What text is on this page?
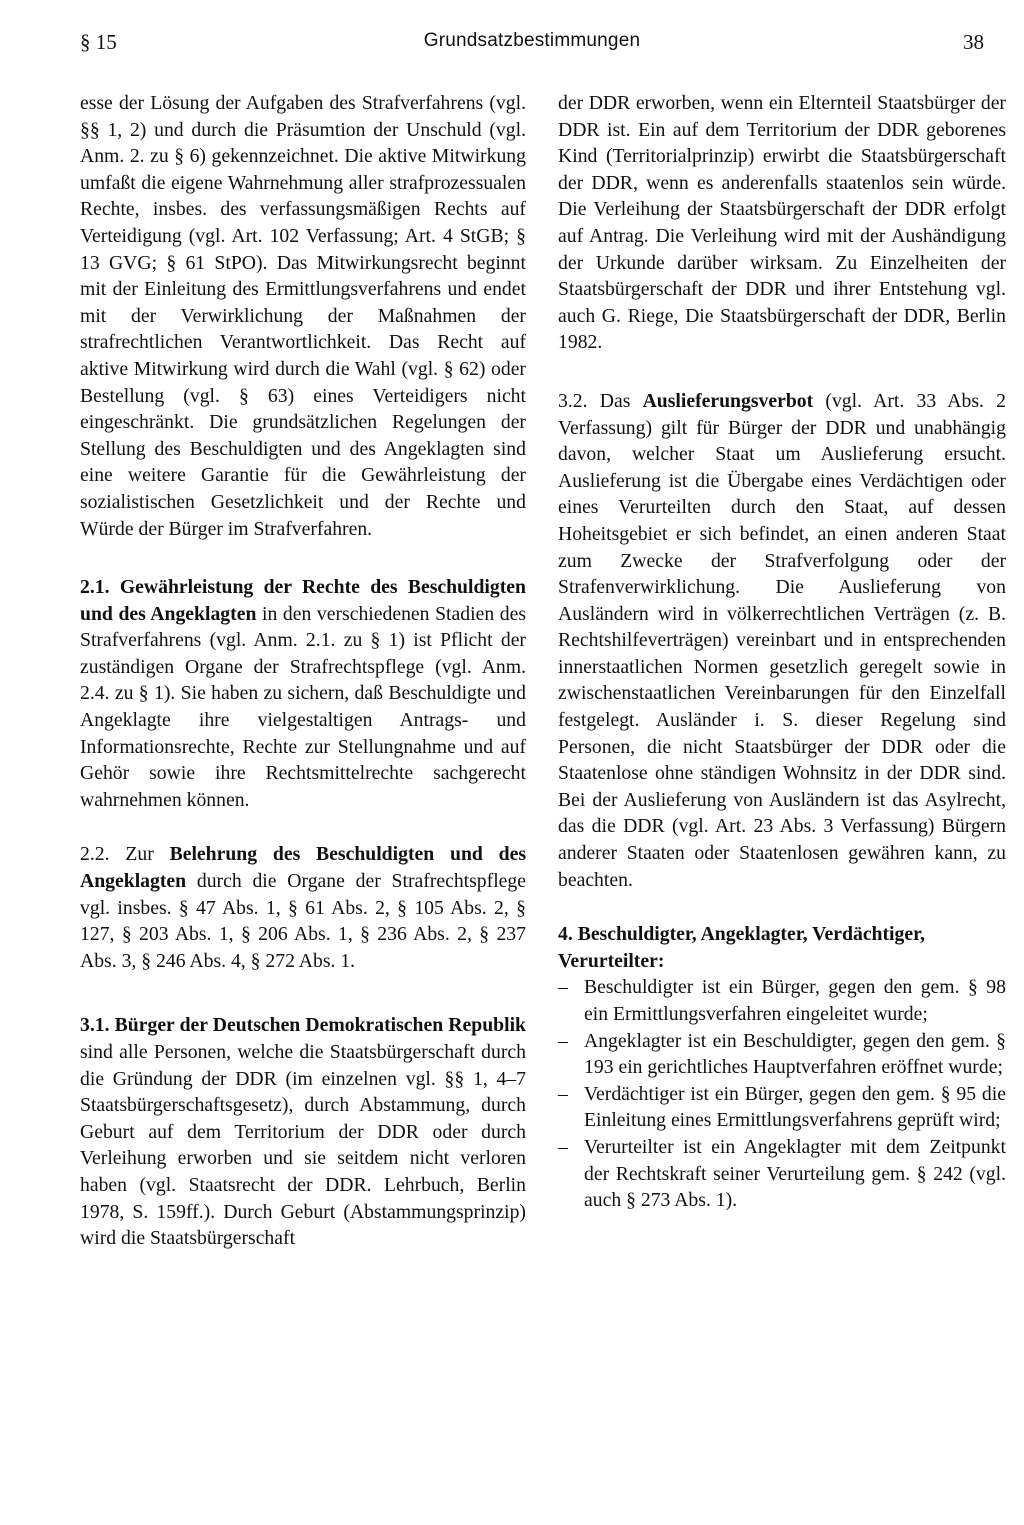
§ 15	Grundsatzbestimmungen	38

esse der Lösung der Aufgaben des Strafverfahrens (vgl. §§ 1, 2) und durch die Präsumtion der Unschuld (vgl. Anm. 2. zu § 6) gekennzeichnet. Die aktive Mitwirkung umfaßt die eigene Wahrnehmung aller strafprozessualen Rechte, insbes. des verfassungsmäßigen Rechts auf Verteidigung (vgl. Art. 102 Verfassung; Art. 4 StGB; § 13 GVG; § 61 StPO). Das Mitwirkungsrecht beginnt mit der Einleitung des Ermittlungsverfahrens und endet mit der Verwirklichung der Maßnahmen der strafrechtlichen Verantwortlichkeit. Das Recht auf aktive Mitwirkung wird durch die Wahl (vgl. § 62) oder Bestellung (vgl. § 63) eines Verteidigers nicht eingeschränkt. Die grundsätzlichen Regelungen der Stellung des Beschuldigten und des Angeklagten sind eine weitere Garantie für die Gewährleistung der sozialistischen Gesetzlichkeit und der Rechte und Würde der Bürger im Strafverfahren.

2.1. Gewährleistung der Rechte des Beschuldigten und des Angeklagten in den verschiedenen Stadien des Strafverfahrens (vgl. Anm. 2.1. zu § 1) ist Pflicht der zuständigen Organe der Strafrechtspflege (vgl. Anm. 2.4. zu § 1). Sie haben zu sichern, daß Beschuldigte und Angeklagte ihre vielgestaltigen Antrags- und Informationsrechte, Rechte zur Stellungnahme und auf Gehör sowie ihre Rechtsmittelrechte sachgerecht wahrnehmen können.

2.2. Zur Belehrung des Beschuldigten und des Angeklagten durch die Organe der Strafrechtspflege vgl. insbes. § 47 Abs. 1, § 61 Abs. 2, § 105 Abs. 2, § 127, § 203 Abs. 1, § 206 Abs. 1, § 236 Abs. 2, § 237 Abs. 3, § 246 Abs. 4, § 272 Abs. 1.

3.1. Bürger der Deutschen Demokratischen Republik sind alle Personen, welche die Staatsbürgerschaft durch die Gründung der DDR (im einzelnen vgl. §§ 1, 4–7 Staatsbürgerschaftsgesetz), durch Abstammung, durch Geburt auf dem Territorium der DDR oder durch Verleihung erworben und sie seitdem nicht verloren haben (vgl. Staatsrecht der DDR. Lehrbuch, Berlin 1978, S. 159ff.). Durch Geburt (Abstammungsprinzip) wird die Staatsbürgerschaft

der DDR erworben, wenn ein Elternteil Staatsbürger der DDR ist. Ein auf dem Territorium der DDR geborenes Kind (Territorialprinzip) erwirbt die Staatsbürgerschaft der DDR, wenn es anderenfalls staatenlos sein würde. Die Verleihung der Staatsbürgerschaft der DDR erfolgt auf Antrag. Die Verleihung wird mit der Aushändigung der Urkunde darüber wirksam. Zu Einzelheiten der Staatsbürgerschaft der DDR und ihrer Entstehung vgl. auch G. Riege, Die Staatsbürgerschaft der DDR, Berlin 1982.

3.2. Das Auslieferungsverbot (vgl. Art. 33 Abs. 2 Verfassung) gilt für Bürger der DDR und unabhängig davon, welcher Staat um Auslieferung ersucht. Auslieferung ist die Übergabe eines Verdächtigen oder eines Verurteilten durch den Staat, auf dessen Hoheitsgebiet er sich befindet, an einen anderen Staat zum Zwecke der Strafverfolgung oder der Strafenverwirklichung. Die Auslieferung von Ausländern wird in völkerrechtlichen Verträgen (z. B. Rechtshilfeverträgen) vereinbart und in entsprechenden innerstaatlichen Normen gesetzlich geregelt sowie in zwischenstaatlichen Vereinbarungen für den Einzelfall festgelegt. Ausländer i. S. dieser Regelung sind Personen, die nicht Staatsbürger der DDR oder die Staatenlose ohne ständigen Wohnsitz in der DDR sind. Bei der Auslieferung von Ausländern ist das Asylrecht, das die DDR (vgl. Art. 23 Abs. 3 Verfassung) Bürgern anderer Staaten oder Staatenlosen gewähren kann, zu beachten.

4. Beschuldigter, Angeklagter, Verdächtiger, Verurteilter:

– Beschuldigter ist ein Bürger, gegen den gem. § 98 ein Ermittlungsverfahren eingeleitet wurde;
– Angeklagter ist ein Beschuldigter, gegen den gem. § 193 ein gerichtliches Hauptverfahren eröffnet wurde;
– Verdächtiger ist ein Bürger, gegen den gem. § 95 die Einleitung eines Ermittlungsverfahrens geprüft wird;
– Verurteilter ist ein Angeklagter mit dem Zeitpunkt der Rechtskraft seiner Verurteilung gem. § 242 (vgl. auch § 273 Abs. 1).
